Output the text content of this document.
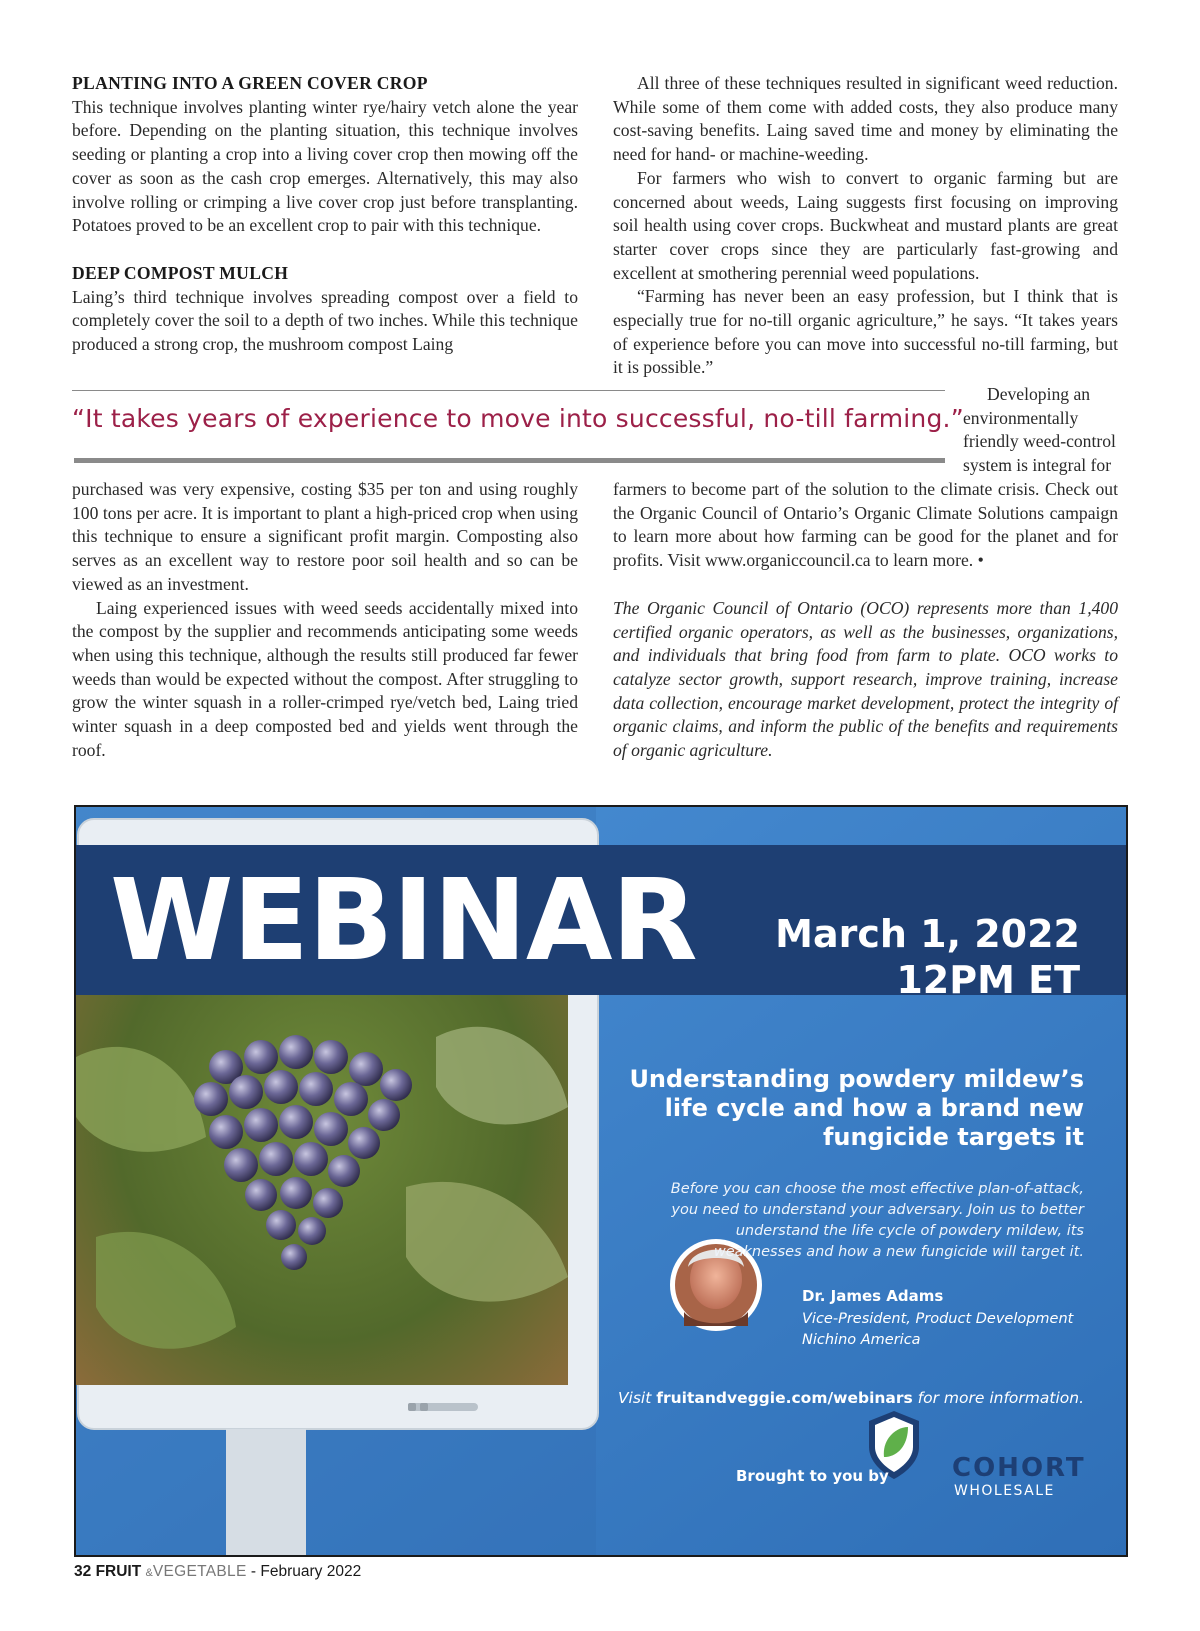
PLANTING INTO A GREEN COVER CROP

This technique involves planting winter rye/hairy vetch alone the year before. Depending on the planting situation, this technique involves seeding or planting a crop into a living cover crop then mowing off the cover as soon as the cash crop emerges. Alternatively, this may also involve rolling or crimping a live cover crop just before transplanting. Potatoes proved to be an excellent crop to pair with this technique.

DEEP COMPOST MULCH

Laing’s third technique involves spreading compost over a field to completely cover the soil to a depth of two inches. While this technique produced a strong crop, the mushroom compost Laing

All three of these techniques resulted in significant weed reduction. While some of them come with added costs, they also produce many cost-saving benefits. Laing saved time and money by eliminating the need for hand- or machine-weeding.

For farmers who wish to convert to organic farming but are concerned about weeds, Laing suggests first focusing on improving soil health using cover crops. Buckwheat and mustard plants are great starter cover crops since they are particularly fast-growing and excellent at smothering perennial weed populations.

“Farming has never been an easy profession, but I think that is especially true for no-till organic agriculture,” he says. “It takes years of experience before you can move into successful no-till farming, but it is possible.”

Developing an environmentally friendly weed-control system is integral for
“It takes years of experience to move into successful, no-till farming.”

purchased was very expensive, costing $35 per ton and using roughly 100 tons per acre. It is important to plant a high-priced crop when using this technique to ensure a significant profit margin. Composting also serves as an excellent way to restore poor soil health and so can be viewed as an investment.

Laing experienced issues with weed seeds accidentally mixed into the compost by the supplier and recommends anticipating some weeds when using this technique, although the results still produced far fewer weeds than would be expected without the compost. After struggling to grow the winter squash in a roller-crimped rye/vetch bed, Laing tried winter squash in a deep composted bed and yields went through the roof.

farmers to become part of the solution to the climate crisis. Check out the Organic Council of Ontario’s Organic Climate Solutions campaign to learn more about how farming can be good for the planet and for profits. Visit www.organiccouncil.ca to learn more. •

The Organic Council of Ontario (OCO) represents more than 1,400 certified organic operators, as well as the businesses, organizations, and individuals that bring food from farm to plate. OCO works to catalyze sector growth, support research, improve training, increase data collection, encourage market development, protect the integrity of organic claims, and inform the public of the benefits and requirements of organic agriculture.

WEBINAR March 1, 2022
12PM ET
Understanding powdery mildew’s life cycle and how a brand new fungicide targets it
Before you can choose the most effective plan-of-attack, you need to understand your adversary. Join us to better understand the life cycle of powdery mildew, its weaknesses and how a new fungicide will target it.
Dr. James Adams
Vice-President, Product Development
Nichino America
Visit fruitandveggie.com/webinars for more information.
Brought to you by COHORT
WHOLESALE
32 FRUIT &VEGETABLE - February 2022
